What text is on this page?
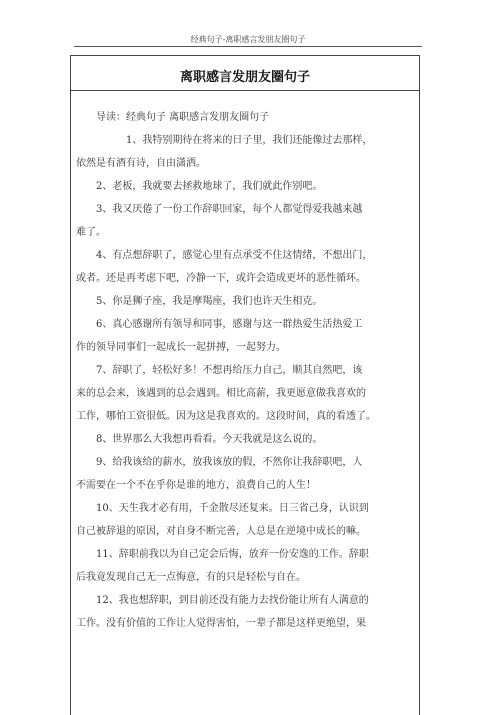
经典句子-离职感言发朋友圈句子
离职感言发朋友圈句子

　　导读：经典句子 离职感言发朋友圈句子

　　　　　1、我特别期待在将来的日子里，我们还能像过去那样，

依然是有酒有诗，自由潇洒。

　　2、老板，我就要去拯救地球了，我们就此作别吧。

　　3、我又厌倦了一份工作辞职回家，每个人都觉得爱我越来越

难了。

　　4、有点想辞职了，感觉心里有点承受不住这情绪，不想出门，

或者。还是再考虑下吧，冷静一下，或许会造成更坏的恶性循环。

　　5、你是狮子座，我是摩羯座，我们也许天生相克。

　　6、真心感谢所有领导和同事，感谢与这一群热爱生活热爱工

作的领导同事们一起成长一起拼搏，一起努力。

　　7、辞职了，轻松好多！不想再给压力自己，顺其自然吧，该

来的总会来，该遇到的总会遇到。相比高薪，我更愿意做我喜欢的

工作，哪怕工资很低。因为这是我喜欢的。这段时间，真的看透了。

　　8、世界那么大我想再看看。今天我就是这么说的。

　　9、给我该给的薪水，放我该放的假，不然你让我辞职吧，人

不需要在一个不在乎你是谁的地方，浪费自己的人生！

　　10、天生我才必有用，千金散尽还复来。日三省己身，认识到

自己被辞退的原因，对自身不断完善，人总是在逆境中成长的嘛。

　　11、辞职前我以为自己定会后悔，放弃一份安逸的工作。辞职

后我竟发现自己无一点悔意，有的只是轻松与自在。

　　12、我也想辞职，到目前还没有能力去找份能让所有人满意的

工作。没有价值的工作让人觉得害怕，一辈子都是这样更绝望，果
